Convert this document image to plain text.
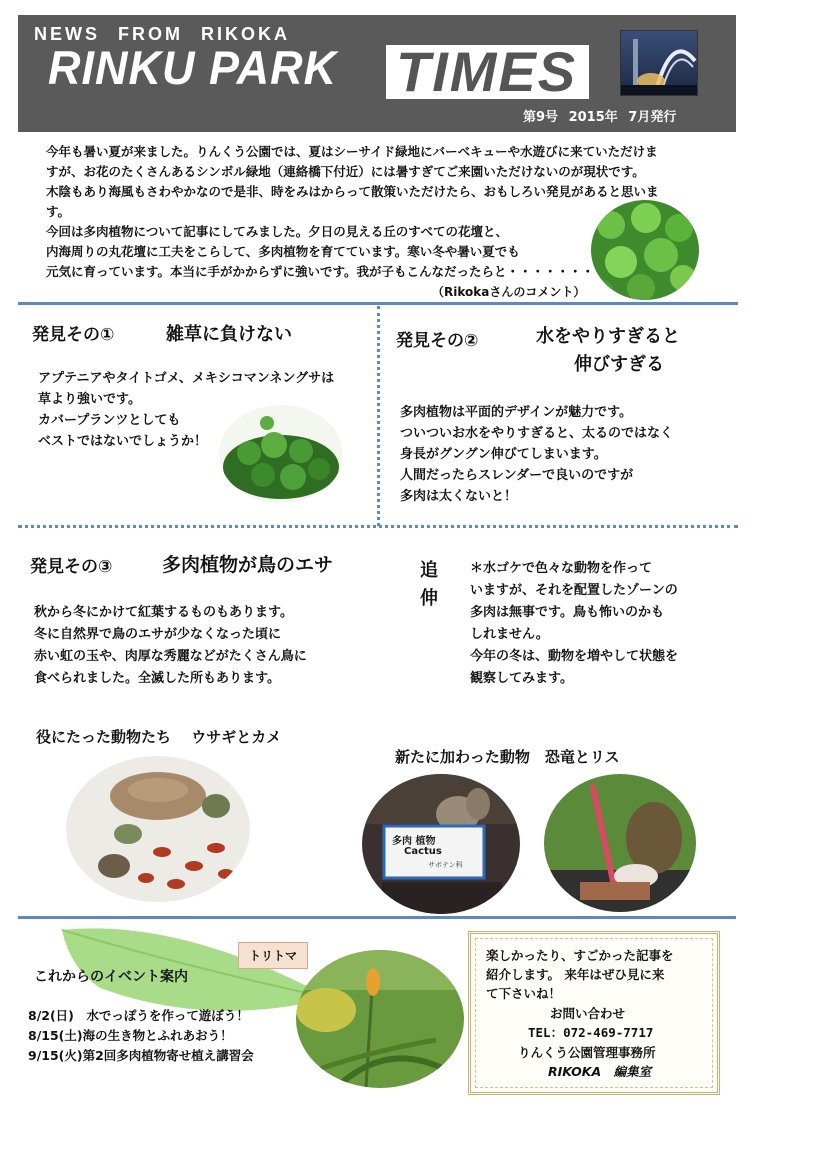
NEWS FROM RIKOKA
RINKU PARK TIMES
第9号 2015年 7月発行
今年も暑い夏が来ました。りんくう公園では、夏はシーサイド緑地にバーベキューや水遊びに来ていただけま
すが、お花のたくさんあるシンボル緑地（連絡橋下付近）には暑すぎてご来園いただけないのが現状です。
木陰もあり海風もさわやかなので是非、時をみはからって散策いただけたら、おもしろい発見があると思いま
す。
今回は多肉植物について記事にしてみました。夕日の見える丘のすべての花壇と、
内海周りの丸花壇に工夫をこらして、多肉植物を育てています。寒い冬や暑い夏でも
元気に育っています。本当に手がかからずに強いです。我が子もこんなだったらと・・・・・・・
（Rikokaさんのコメント）
発見その①	雑草に負けない
アプテニアやタイトゴメ、メキシコマンネングサは
草より強いです。
カバープランツとしても
ベストではないでしょうか！
発見その②	水をやりすぎると
伸びすぎる
多肉植物は平面的デザインが魅力です。
ついついお水をやりすぎると、太るのではなく
身長がグングン伸びてしまいます。
人間だったらスレンダーで良いのですが
多肉は太くないと！
発見その③	多肉植物が鳥のエサ
秋から冬にかけて紅葉するものもあります。
冬に自然界で鳥のエサが少なくなった頃に
赤い虹の玉や、肉厚な秀麗などがたくさん鳥に
食べられました。全滅した所もあります。
追
伸
＊水ゴケで色々な動物を作って
いますが、それを配置したゾーンの
多肉は無事です。鳥も怖いのかも
しれません。
今年の冬は、動物を増やして状態を
観察してみます。
役にたった動物たち　 ウサギとカメ
新たに加わった動物　恐竜とリス
多肉 植物
Cactus
サボテン科
これからのイベント案内
8/2(日)　水でっぽうを作って遊ぼう！
8/15(土)海の生き物とふれあおう！
9/15(火)第2回多肉植物寄せ植え講習会
トリトマ	楽しかったり、すごかった記事を
紹介します。 来年はぜひ見に来
て下さいね！
お問い合わせ
TEL：072-469-7717
りんくう公園管理事務所
RIKOKA　編集室
